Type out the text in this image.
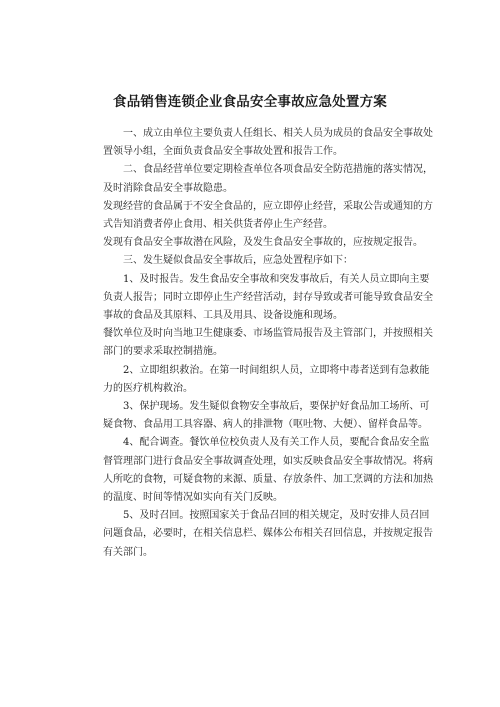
食品销售连锁企业食品安全事故应急处置方案

一、成立由单位主要负责人任组长、相关人员为成员的食品安全事故处置领导小组，全面负责食品安全事故处置和报告工作。

二、食品经营单位要定期检查单位各项食品安全防范措施的落实情况，及时消除食品安全事故隐患。

发现经营的食品属于不安全食品的，应立即停止经营，采取公告或通知的方式告知消费者停止食用、相关供货者停止生产经营。

发现有食品安全事故潜在风险，及发生食品安全事故的，应按规定报告。

三、发生疑似食品安全事故后，应急处置程序如下：

1、及时报告。发生食品安全事故和突发事故后，有关人员立即向主要负责人报告；同时立即停止生产经营活动，封存导致或者可能导致食品安全事故的食品及其原料、工具及用具、设备设施和现场。

餐饮单位及时向当地卫生健康委、市场监管局报告及主管部门，并按照相关部门的要求采取控制措施。

2、立即组织救治。在第一时间组织人员，立即将中毒者送到有急救能力的医疗机构救治。

3、保护现场。发生疑似食物安全事故后，要保护好食品加工场所、可疑食物、食品用工具容器、病人的排泄物（呕吐物、大便）、留样食品等。

4、配合调查。餐饮单位校负责人及有关工作人员，要配合食品安全监督管理部门进行食品安全事故调查处理，如实反映食品安全事故情况。将病人所吃的食物，可疑食物的来源、质量、存放条件、加工烹调的方法和加热的温度、时间等情况如实向有关门反映。

5、及时召回。按照国家关于食品召回的相关规定，及时安排人员召回问题食品，必要时，在相关信息栏、媒体公布相关召回信息，并按规定报告有关部门。
